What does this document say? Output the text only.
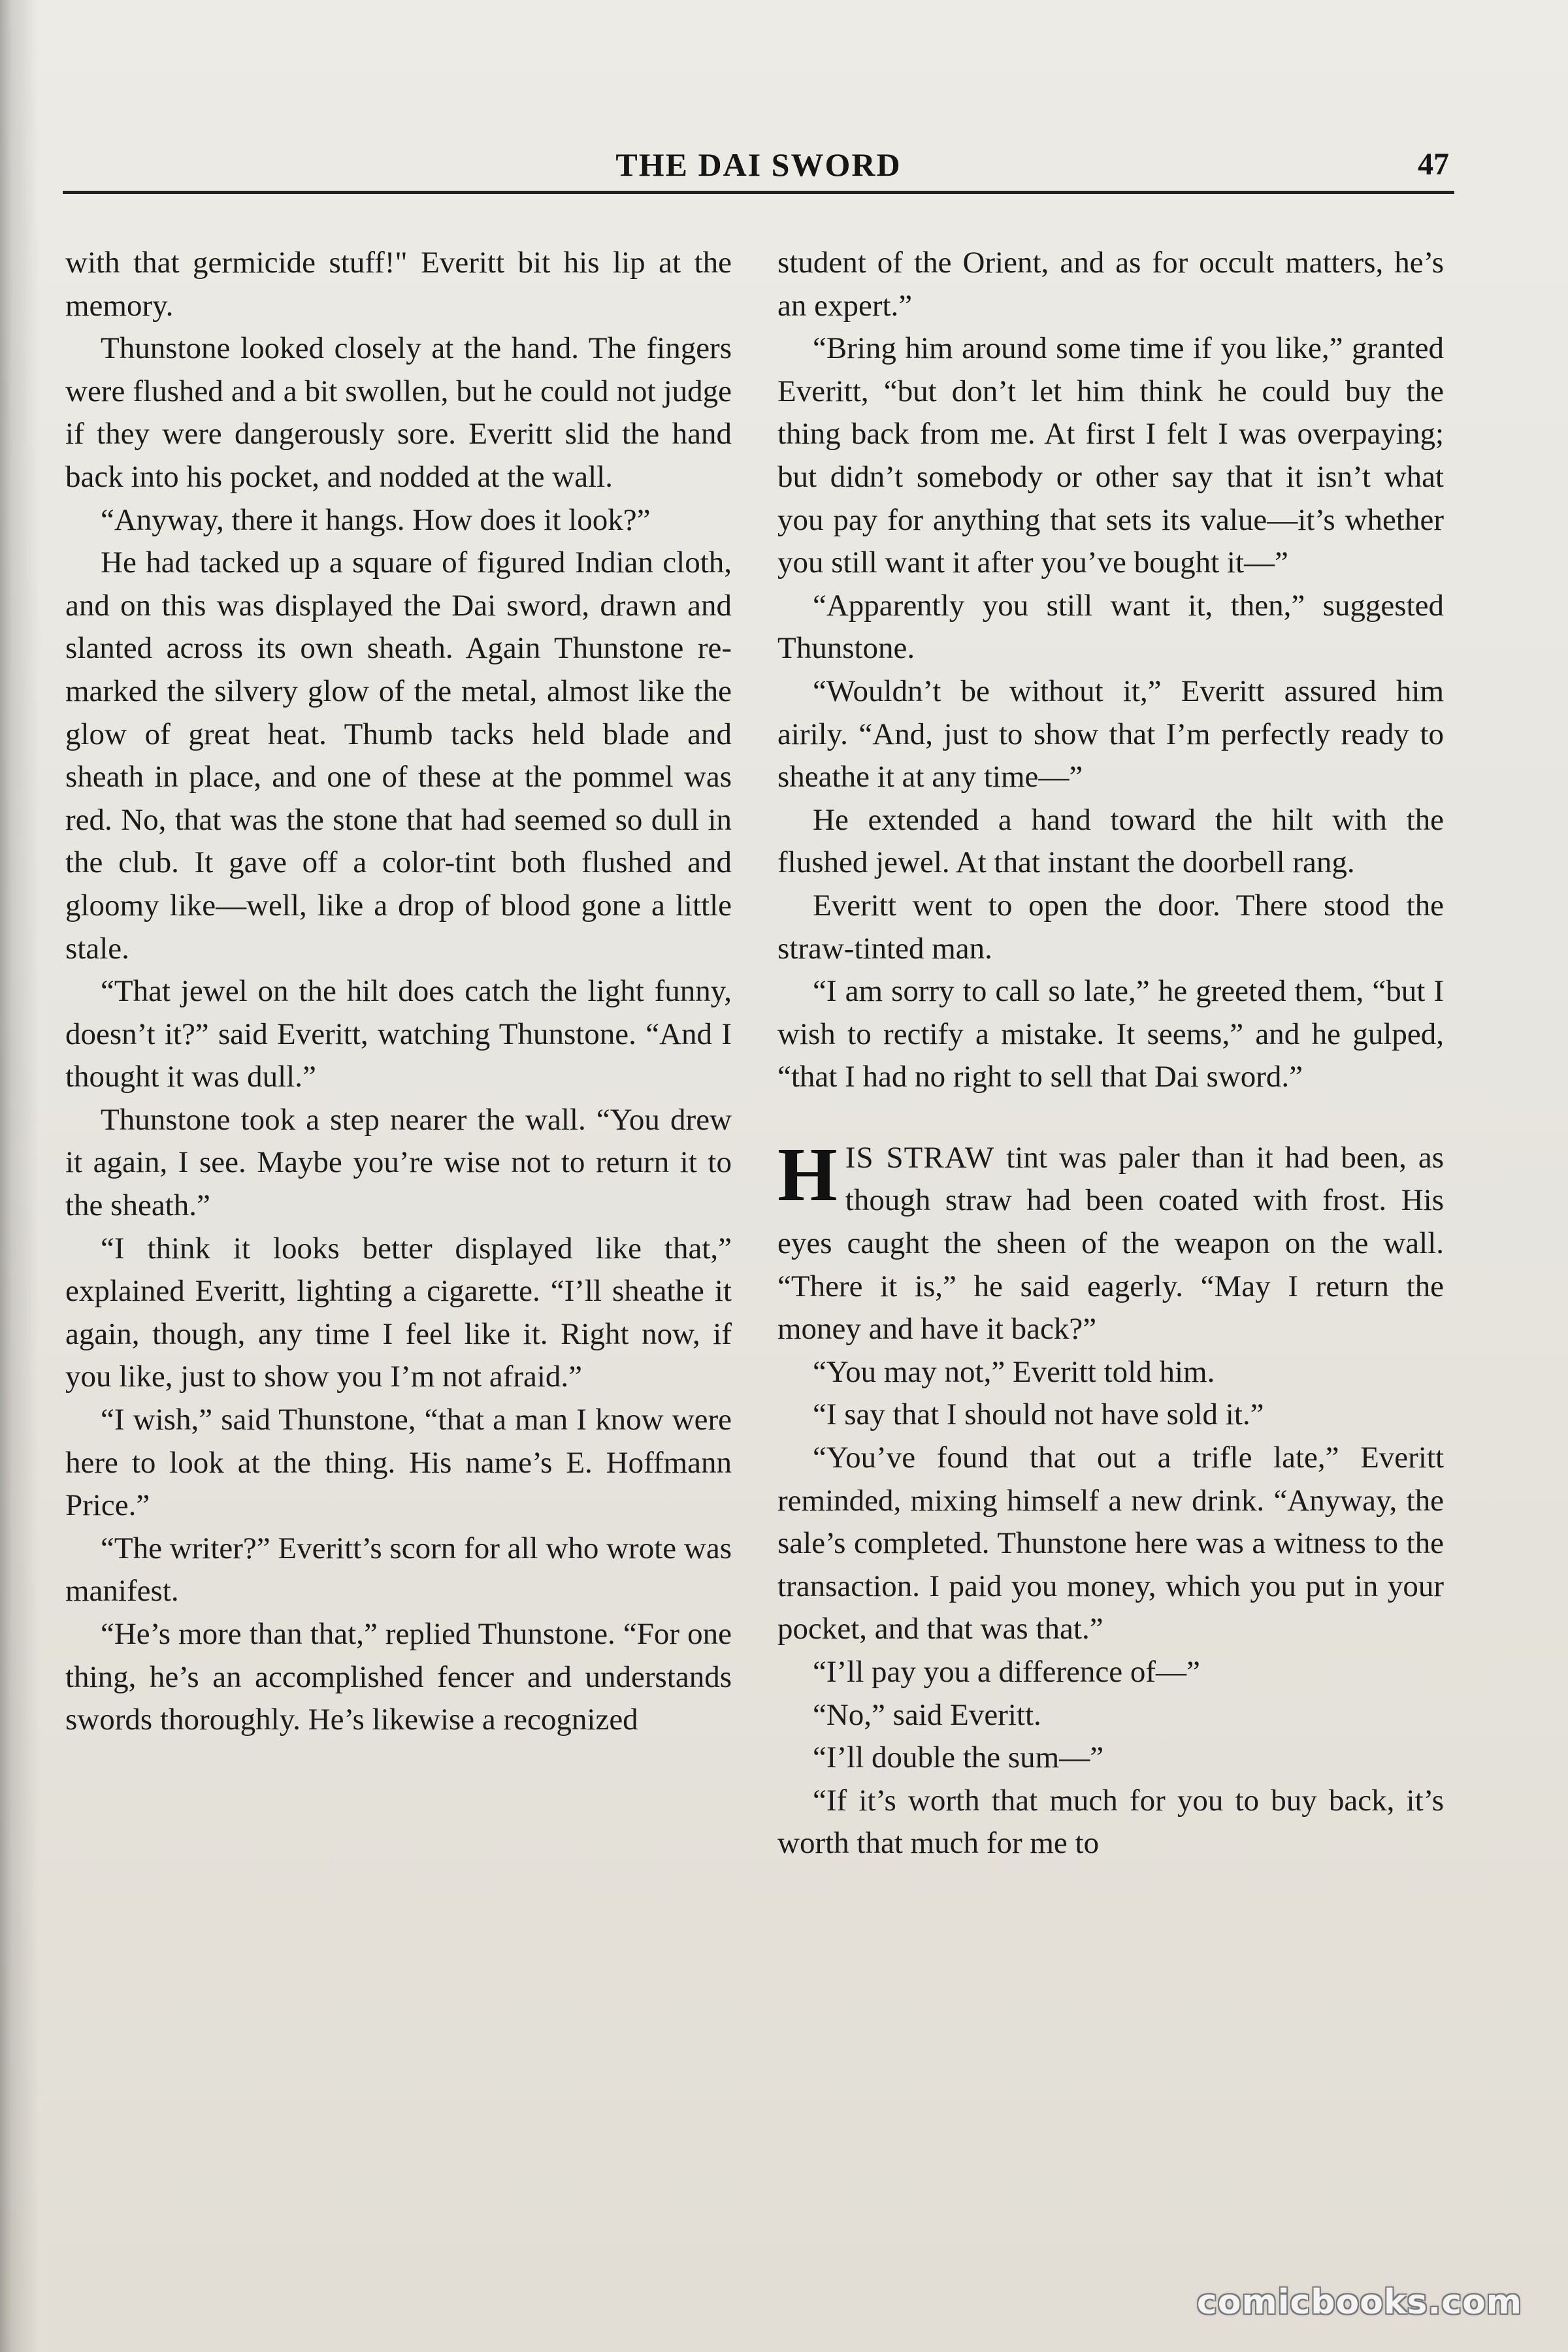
THE DAI SWORD	47

with that germicide stuff!" Everitt bit his lip at the memory.

Thunstone looked closely at the hand. The fingers were flushed and a bit swollen, but he could not judge if they were dangerously sore. Everitt slid the hand back into his pocket, and nodded at the wall.

“Anyway, there it hangs. How does it look?”

He had tacked up a square of figured Indian cloth, and on this was displayed the Dai sword, drawn and slanted across its own sheath. Again Thunstone remarked the silvery glow of the metal, almost like the glow of great heat. Thumb tacks held blade and sheath in place, and one of these at the pommel was red. No, that was the stone that had seemed so dull in the club. It gave off a color-tint both flushed and gloomy like—well, like a drop of blood gone a little stale.

“That jewel on the hilt does catch the light funny, doesn’t it?” said Everitt, watching Thunstone. “And I thought it was dull.”

Thunstone took a step nearer the wall. “You drew it again, I see. Maybe you’re wise not to return it to the sheath.”

“I think it looks better displayed like that,” explained Everitt, lighting a cigarette. “I’ll sheathe it again, though, any time I feel like it. Right now, if you like, just to show you I’m not afraid.”

“I wish,” said Thunstone, “that a man I know were here to look at the thing. His name’s E. Hoffmann Price.”

“The writer?” Everitt’s scorn for all who wrote was manifest.

“He’s more than that,” replied Thunstone. “For one thing, he’s an accomplished fencer and understands swords thoroughly. He’s likewise a recognized

student of the Orient, and as for occult matters, he’s an expert.”

“Bring him around some time if you like,” granted Everitt, “but don’t let him think he could buy the thing back from me. At first I felt I was overpaying; but didn’t somebody or other say that it isn’t what you pay for anything that sets its value—it’s whether you still want it after you’ve bought it—”

“Apparently you still want it, then,” suggested Thunstone.

“Wouldn’t be without it,” Everitt assured him airily. “And, just to show that I’m perfectly ready to sheathe it at any time—”

He extended a hand toward the hilt with the flushed jewel. At that instant the doorbell rang.

Everitt went to open the door. There stood the straw-tinted man.

“I am sorry to call so late,” he greeted them, “but I wish to rectify a mistake. It seems,” and he gulped, “that I had no right to sell that Dai sword.”

HIS STRAW tint was paler than it had been, as though straw had been coated with frost. His eyes caught the sheen of the weapon on the wall. “There it is,” he said eagerly. “May I return the money and have it back?”

“You may not,” Everitt told him.

“I say that I should not have sold it.”

“You’ve found that out a trifle late,” Everitt reminded, mixing himself a new drink. “Anyway, the sale’s completed. Thunstone here was a witness to the transaction. I paid you money, which you put in your pocket, and that was that.”

“I’ll pay you a difference of—”

“No,” said Everitt.

“I’ll double the sum—”

“If it’s worth that much for you to buy back, it’s worth that much for me to

comicbooks.com
